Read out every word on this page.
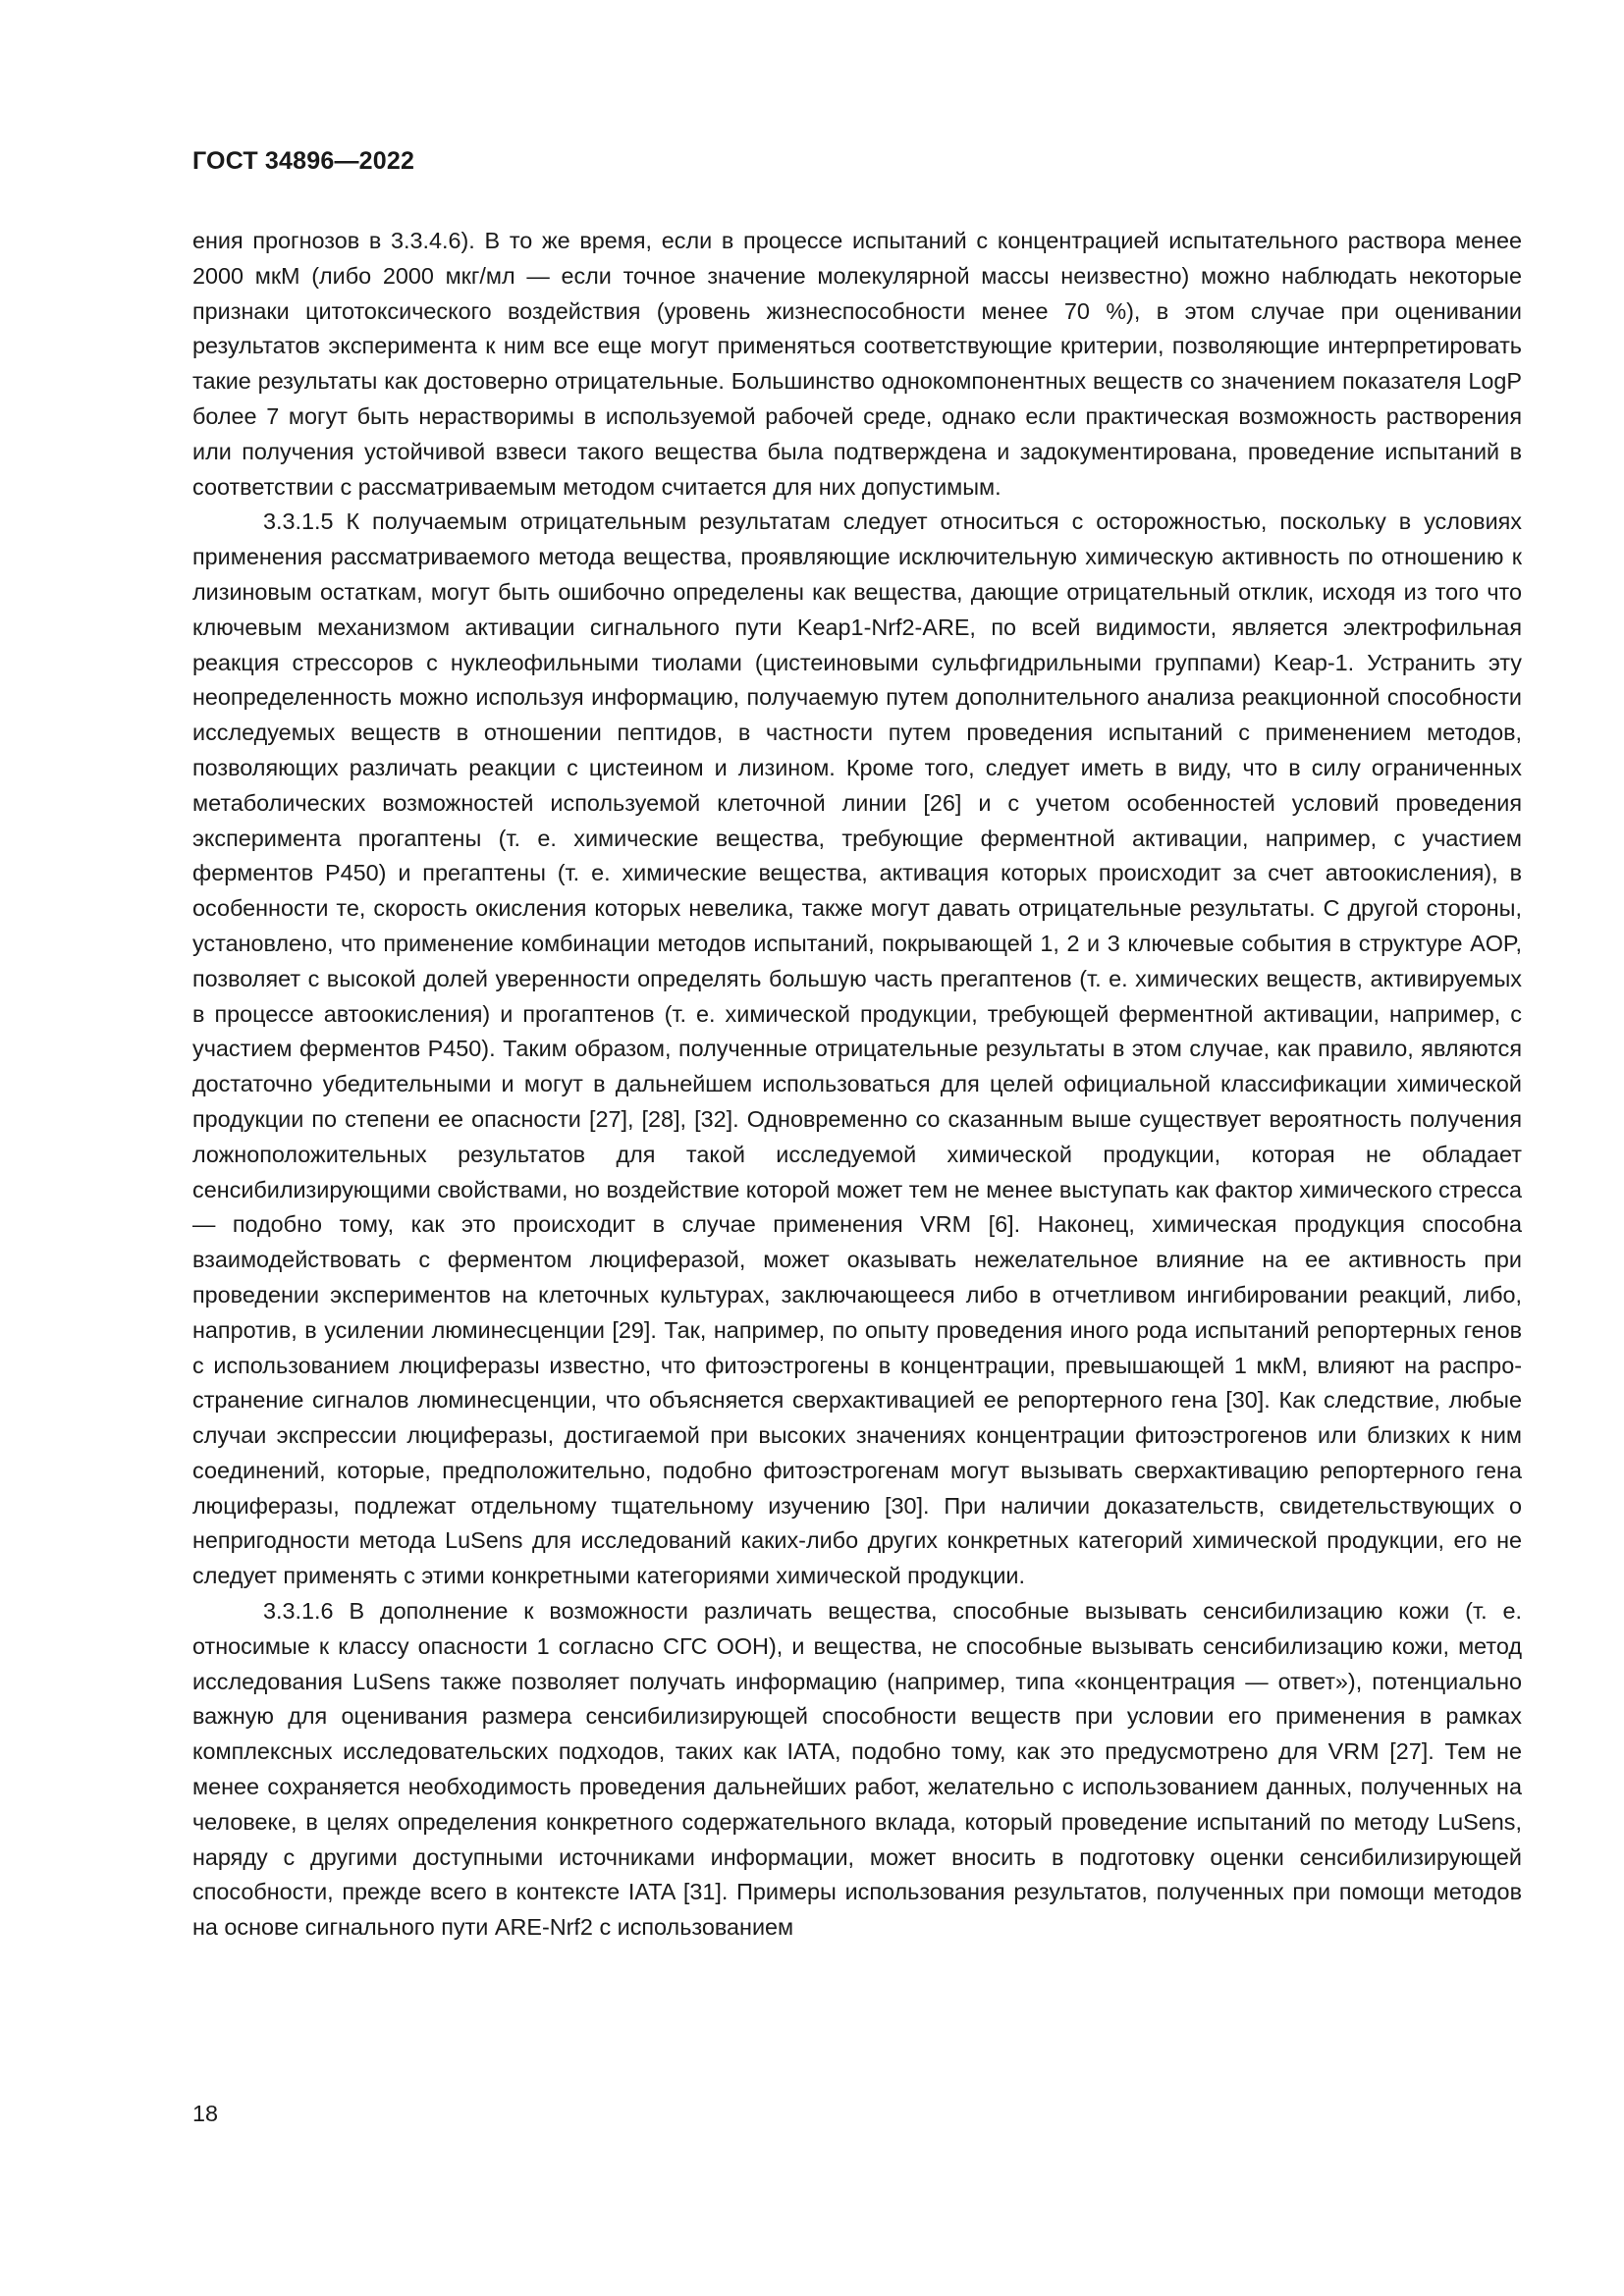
ГОСТ 34896—2022

ения прогнозов в 3.3.4.6). В то же время, если в процессе испытаний с концентрацией испытательного раствора менее 2000 мкМ (либо 2000 мкг/мл — если точное значение молекулярной массы неизвестно) можно наблюдать некоторые признаки цитотоксического воздействия (уровень жизнеспособности менее 70 %), в этом случае при оценивании результатов эксперимента к ним все еще могут применяться соответствующие критерии, позволяющие интерпретировать такие результаты как достоверно отрицательные. Большинство однокомпонентных веществ со значением показателя LogP более 7 могут быть нерастворимы в используемой рабочей среде, однако если практическая возможность растворения или получения устойчивой взвеси такого вещества была подтверждена и задокументирована, проведение испытаний в соответствии с рассматриваемым методом считается для них допустимым.

3.3.1.5 К получаемым отрицательным результатам следует относиться с осторожностью, поскольку в условиях применения рассматриваемого метода вещества, проявляющие исключительную химическую активность по отношению к лизиновым остаткам, могут быть ошибочно определены как вещества, дающие отрицательный отклик, исходя из того что ключевым механизмом активации сигнального пути Keap1-Nrf2-ARE, по всей видимости, является электрофильная реакция стрессоров с нуклеофильными тиолами (цистеиновыми сульфгидрильными группами) Keap-1. Устранить эту неопределенность можно используя информацию, получаемую путем дополнительного анализа реакционной способности исследуемых веществ в отношении пептидов, в частности путем проведения испытаний с применением методов, позволяющих различать реакции с цистеином и лизином. Кроме того, следует иметь в виду, что в силу ограниченных метаболических возможностей используемой клеточной линии [26] и с учетом особенностей условий проведения эксперимента прогаптены (т. е. химические вещества, требующие ферментной активации, например, с участием ферментов P450) и прегаптены (т. е. химические вещества, активация которых происходит за счет автоокисления), в особенности те, скорость окисления которых невелика, также могут давать отрицательные результаты. С другой стороны, установлено, что применение комбинации методов испытаний, покрывающей 1, 2 и 3 ключевые события в структуре AOP, позволяет с высокой долей уверенности определять большую часть прегаптенов (т. е. химических веществ, активируемых в процессе автоокисления) и прогаптенов (т. е. химической продукции, требующей ферментной активации, например, с участием ферментов P450). Таким образом, полученные отрицательные результаты в этом случае, как правило, являются достаточно убедительными и могут в дальнейшем использоваться для целей официальной классификации химической продукции по степени ее опасности [27], [28], [32]. Одновременно со сказанным выше существует вероятность получения ложноположительных результатов для такой исследуемой химической продукции, которая не обладает сенсибилизирующими свойствами, но воздействие которой может тем не менее выступать как фактор химического стресса — подобно тому, как это происходит в случае применения VRM [6]. Наконец, химическая продукция способна взаимодействовать с ферментом люциферазой, может оказывать нежелательное влияние на ее активность при проведении экспериментов на клеточных культурах, заключающееся либо в отчетливом ингибировании реакций, либо, напротив, в усилении люминесценции [29]. Так, например, по опыту проведения иного рода испытаний репортерных генов с использованием люциферазы известно, что фитоэстрогены в концентрации, превышающей 1 мкМ, влияют на распространение сигналов люминесценции, что объясняется сверхактивацией ее репортерного гена [30]. Как следствие, любые случаи экспрессии люциферазы, достигаемой при высоких значениях концентрации фитоэстрогенов или близких к ним соединений, которые, предположительно, подобно фитоэстрогенам могут вызывать сверхактивацию репортерного гена люциферазы, подлежат отдельному тщательному изучению [30]. При наличии доказательств, свидетельствующих о непригодности метода LuSens для исследований каких-либо других конкретных категорий химической продукции, его не следует применять с этими конкретными категориями химической продукции.

3.3.1.6 В дополнение к возможности различать вещества, способные вызывать сенсибилизацию кожи (т. е. относимые к классу опасности 1 согласно СГС ООН), и вещества, не способные вызывать сенсибилизацию кожи, метод исследования LuSens также позволяет получать информацию (например, типа «концентрация — ответ»), потенциально важную для оценивания размера сенсибилизирующей способности веществ при условии его применения в рамках комплексных исследовательских подходов, таких как IATA, подобно тому, как это предусмотрено для VRM [27]. Тем не менее сохраняется необходимость проведения дальнейших работ, желательно с использованием данных, полученных на человеке, в целях определения конкретного содержательного вклада, который проведение испытаний по методу LuSens, наряду с другими доступными источниками информации, может вносить в подготовку оценки сенсибилизирующей способности, прежде всего в контексте IATA [31]. Примеры использования результатов, полученных при помощи методов на основе сигнального пути ARE-Nrf2 с использованием

18
